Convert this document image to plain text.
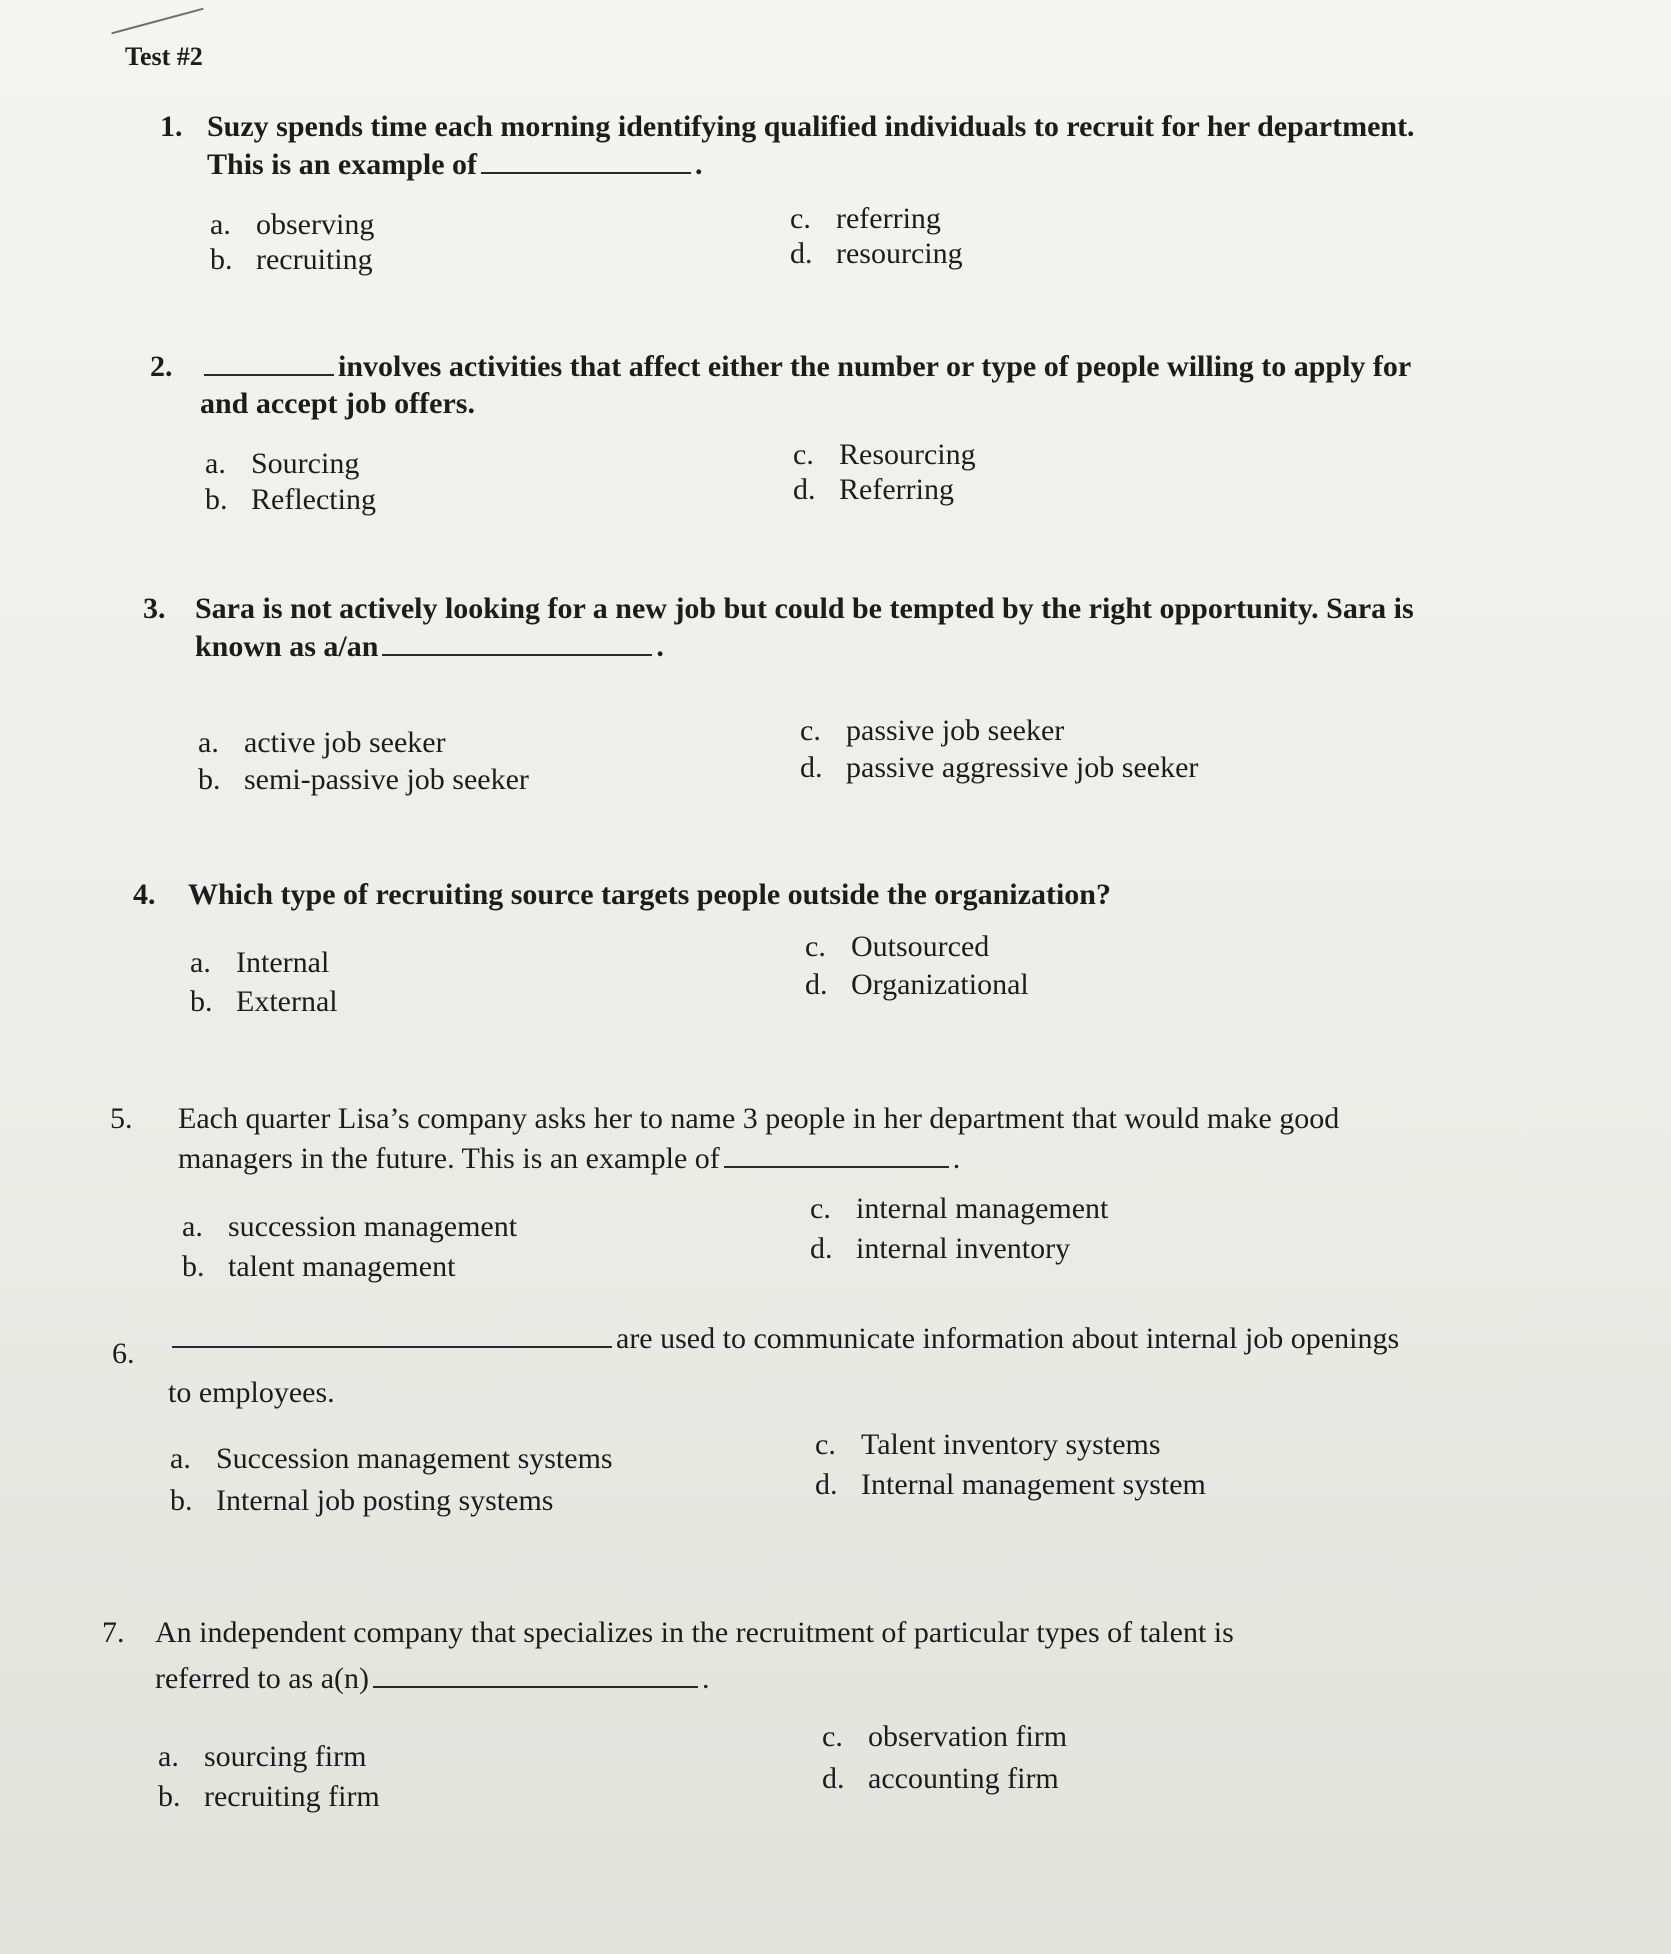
Test #2
1. Suzy spends time each morning identifying qualified individuals to recruit for her department.
This is an example of	.
a. observing
b. recruiting
c. referring
d. resourcing
2.	involves activities that affect either the number or type of people willing to apply for
and accept job offers.
a. Sourcing
b. Reflecting
c. Resourcing
d. Referring
3. Sara is not actively looking for a new job but could be tempted by the right opportunity. Sara is
known as a/an	.
a. active job seeker
b. semi-passive job seeker
c. passive job seeker
d. passive aggressive job seeker
4. Which type of recruiting source targets people outside the organization?
a. Internal
b. External
c. Outsourced
d. Organizational
5. Each quarter Lisa’s company asks her to name 3 people in her department that would make good
managers in the future. This is an example of	.
a. succession management
b. talent management
c. internal management
d. internal inventory
6.	are used to communicate information about internal job openings
to employees.
a. Succession management systems
b. Internal job posting systems
c. Talent inventory systems
d. Internal management system
7. An independent company that specializes in the recruitment of particular types of talent is
referred to as a(n)	.
a. sourcing firm
b. recruiting firm
c. observation firm
d. accounting firm
